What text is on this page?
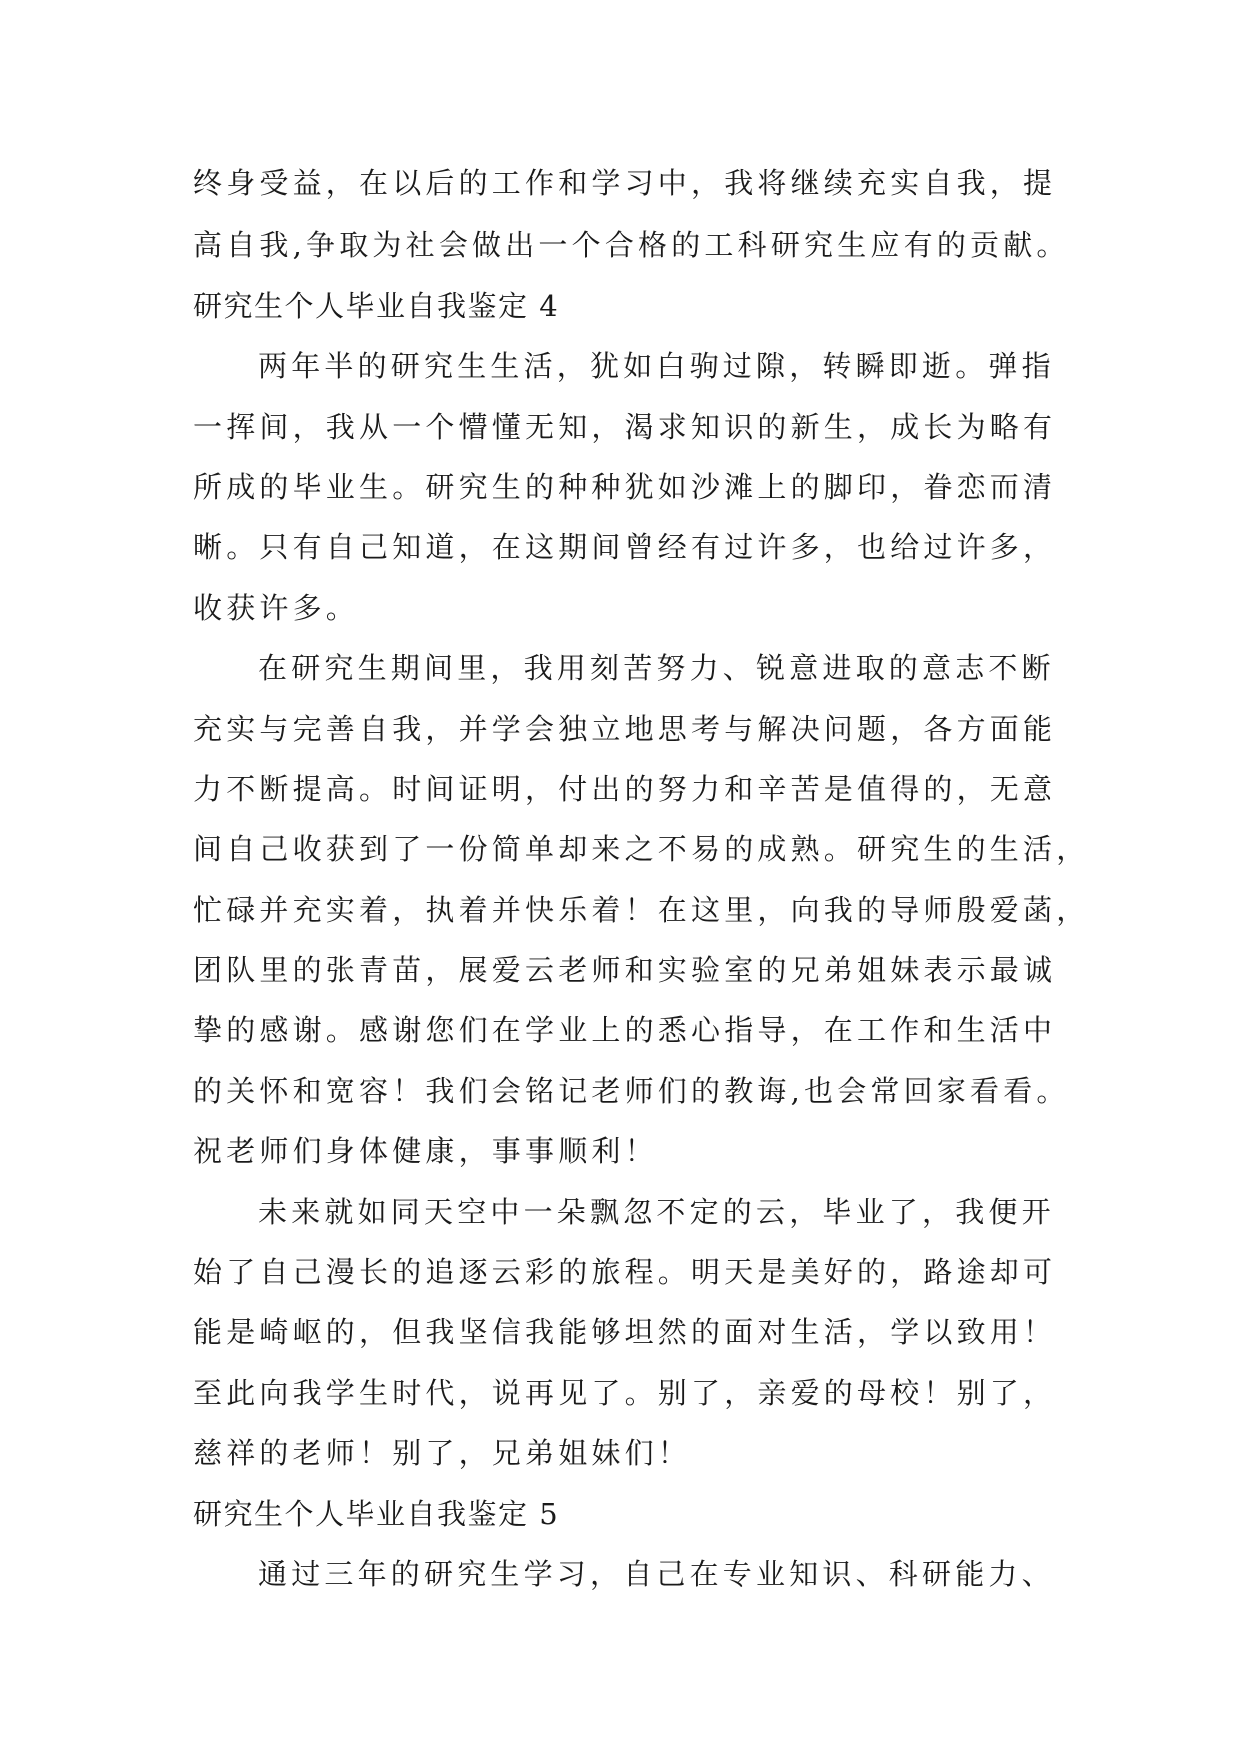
终身受益，在以后的工作和学习中，我将继续充实自我，提
高自我,争取为社会做出一个合格的工科研究生应有的贡献。
研究生个人毕业自我鉴定 4
两年半的研究生生活，犹如白驹过隙，转瞬即逝。弹指
一挥间，我从一个懵懂无知，渴求知识的新生，成长为略有
所成的毕业生。研究生的种种犹如沙滩上的脚印，眷恋而清
晰。只有自己知道，在这期间曾经有过许多，也给过许多，
收获许多。
在研究生期间里，我用刻苦努力、锐意进取的意志不断
充实与完善自我，并学会独立地思考与解决问题，各方面能
力不断提高。时间证明，付出的努力和辛苦是值得的，无意
间自己收获到了一份简单却来之不易的成熟。研究生的生活，
忙碌并充实着，执着并快乐着！在这里，向我的导师殷爱菡，
团队里的张青苗，展爱云老师和实验室的兄弟姐妹表示最诚
挚的感谢。感谢您们在学业上的悉心指导，在工作和生活中
的关怀和宽容！我们会铭记老师们的教诲,也会常回家看看。
祝老师们身体健康，事事顺利！
未来就如同天空中一朵飘忽不定的云，毕业了，我便开
始了自己漫长的追逐云彩的旅程。明天是美好的，路途却可
能是崎岖的，但我坚信我能够坦然的面对生活，学以致用！
至此向我学生时代，说再见了。别了，亲爱的母校！别了，
慈祥的老师！别了，兄弟姐妹们！
研究生个人毕业自我鉴定 5
通过三年的研究生学习，自己在专业知识、科研能力、
